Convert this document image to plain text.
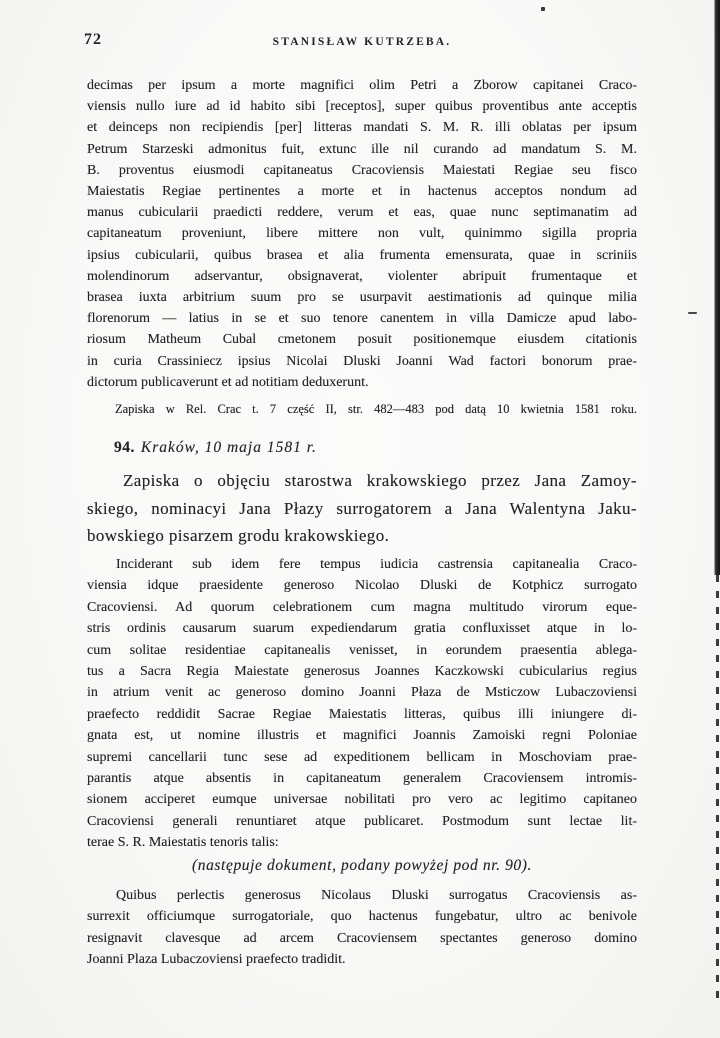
72	STANISŁAW KUTRZEBA.
decimas per ipsum a morte magnifici olim Petri a Zborow capitanei Craco-
viensis nullo iure ad id habito sibi [receptos], super quibus proventibus ante acceptis
et deinceps non recipiendis [per] litteras mandati S. M. R. illi oblatas per ipsum
Petrum Starzeski admonitus fuit, extunc ille nil curando ad mandatum S. M.
B. proventus eiusmodi capitaneatus Cracoviensis Maiestati Regiae seu fisco
Maiestatis Regiae pertinentes a morte et in hactenus acceptos nondum ad
manus cubicularii praedicti reddere, verum et eas, quae nunc septimanatim ad
capitaneatum proveniunt, libere mittere non vult, quinimmo sigilla propria
ipsius cubicularii, quibus brasea et alia frumenta emensurata, quae in scriniis
molendinorum adservantur, obsignaverat, violenter abripuit frumentaque et
brasea iuxta arbitrium suum pro se usurpavit aestimationis ad quinque milia
florenorum — latius in se et suo tenore canentem in villa Damicze apud labo-
riosum Matheum Cubal cmetonem posuit positionemque eiusdem citationis
in curia Crassiniecz ipsius Nicolai Dluski Joanni Wad factori bonorum prae-
dictorum publicaverunt et ad notitiam deduxerunt.
Zapiska w Rel. Crac t. 7 część II, str. 482—483 pod datą 10 kwietnia 1581 roku.
94. Kraków, 10 maja 1581 r.
Zapiska o objęciu starostwa krakowskiego przez Jana Zamoy-
skiego, nominacyi Jana Płazy surrogatorem a Jana Walentyna Jaku-
bowskiego pisarzem grodu krakowskiego.
Inciderant sub idem fere tempus iudicia castrensia capitanealia Craco-
viensia idque praesidente generoso Nicolao Dluski de Kotphicz surrogato
Cracoviensi. Ad quorum celebrationem cum magna multitudo virorum eque-
stris ordinis causarum suarum expediendarum gratia confluxisset atque in lo-
cum solitae residentiae capitanealis venisset, in eorundem praesentia ablega-
tus a Sacra Regia Maiestate generosus Joannes Kaczkowski cubicularius regius
in atrium venit ac generoso domino Joanni Płaza de Msticzow Lubaczoviensi
praefecto reddidit Sacrae Regiae Maiestatis litteras, quibus illi iniungere di-
gnata est, ut nomine illustris et magnifici Joannis Zamoiski regni Poloniae
supremi cancellarii tunc sese ad expeditionem bellicam in Moschoviam prae-
parantis atque absentis in capitaneatum generalem Cracoviensem intromis-
sionem acciperet eumque universae nobilitati pro vero ac legitimo capitaneo
Cracoviensi generali renuntiaret atque publicaret. Postmodum sunt lectae lit-
terae S. R. Maiestatis tenoris talis:
(następuje dokument, podany powyżej pod nr. 90).
Quibus perlectis generosus Nicolaus Dluski surrogatus Cracoviensis as-
surrexit officiumque surrogatoriale, quo hactenus fungebatur, ultro ac benivole
resignavit clavesque ad arcem Cracoviensem spectantes generoso domino
Joanni Plaza Lubaczoviensi praefecto tradidit.
